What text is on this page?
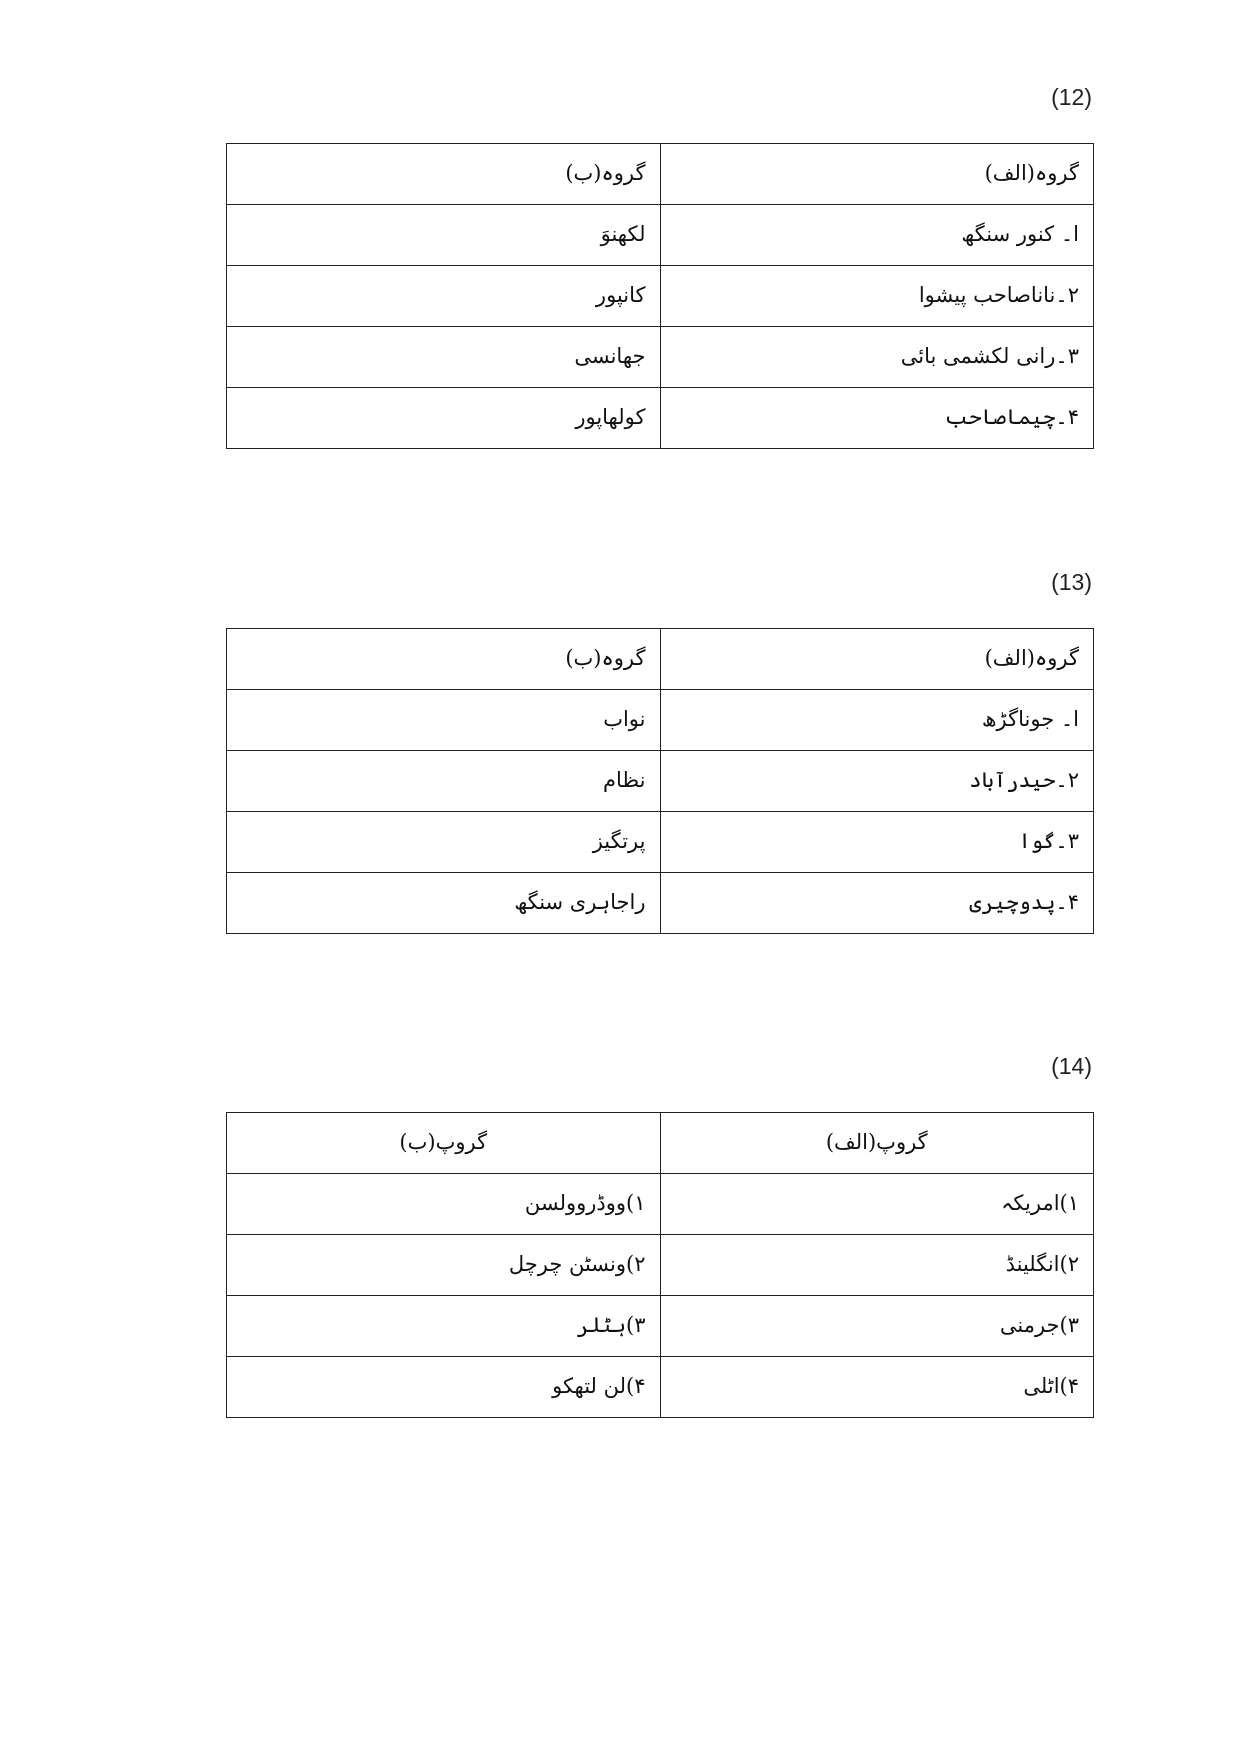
(12)
گروہ(الف)	گروہ(ب)
ا۔ کنور سنگھ	لکھنوَ
۲۔ناناصاحب پیشوا	کانپور
۳۔رانی لکشمی بائی	جھانسی
۴۔چیماصاحب	کولھاپور
(13)
گروہ(الف)	گروہ(ب)
ا۔ جوناگڑھ	نواب
۲۔حیدرآباد	نظام
۳۔گوا	پرتگیز
۴۔پدوچیری	راجاہری سنگھ
(14)
گروپ(الف)	گروپ(ب)
۱)امریکہ	۱)ووڈروولسن
۲)انگلینڈ	۲)ونسٹن چرچل
۳)جرمنی	۳)ہٹلر
۴)اٹلی	۴)لن لتھکو
